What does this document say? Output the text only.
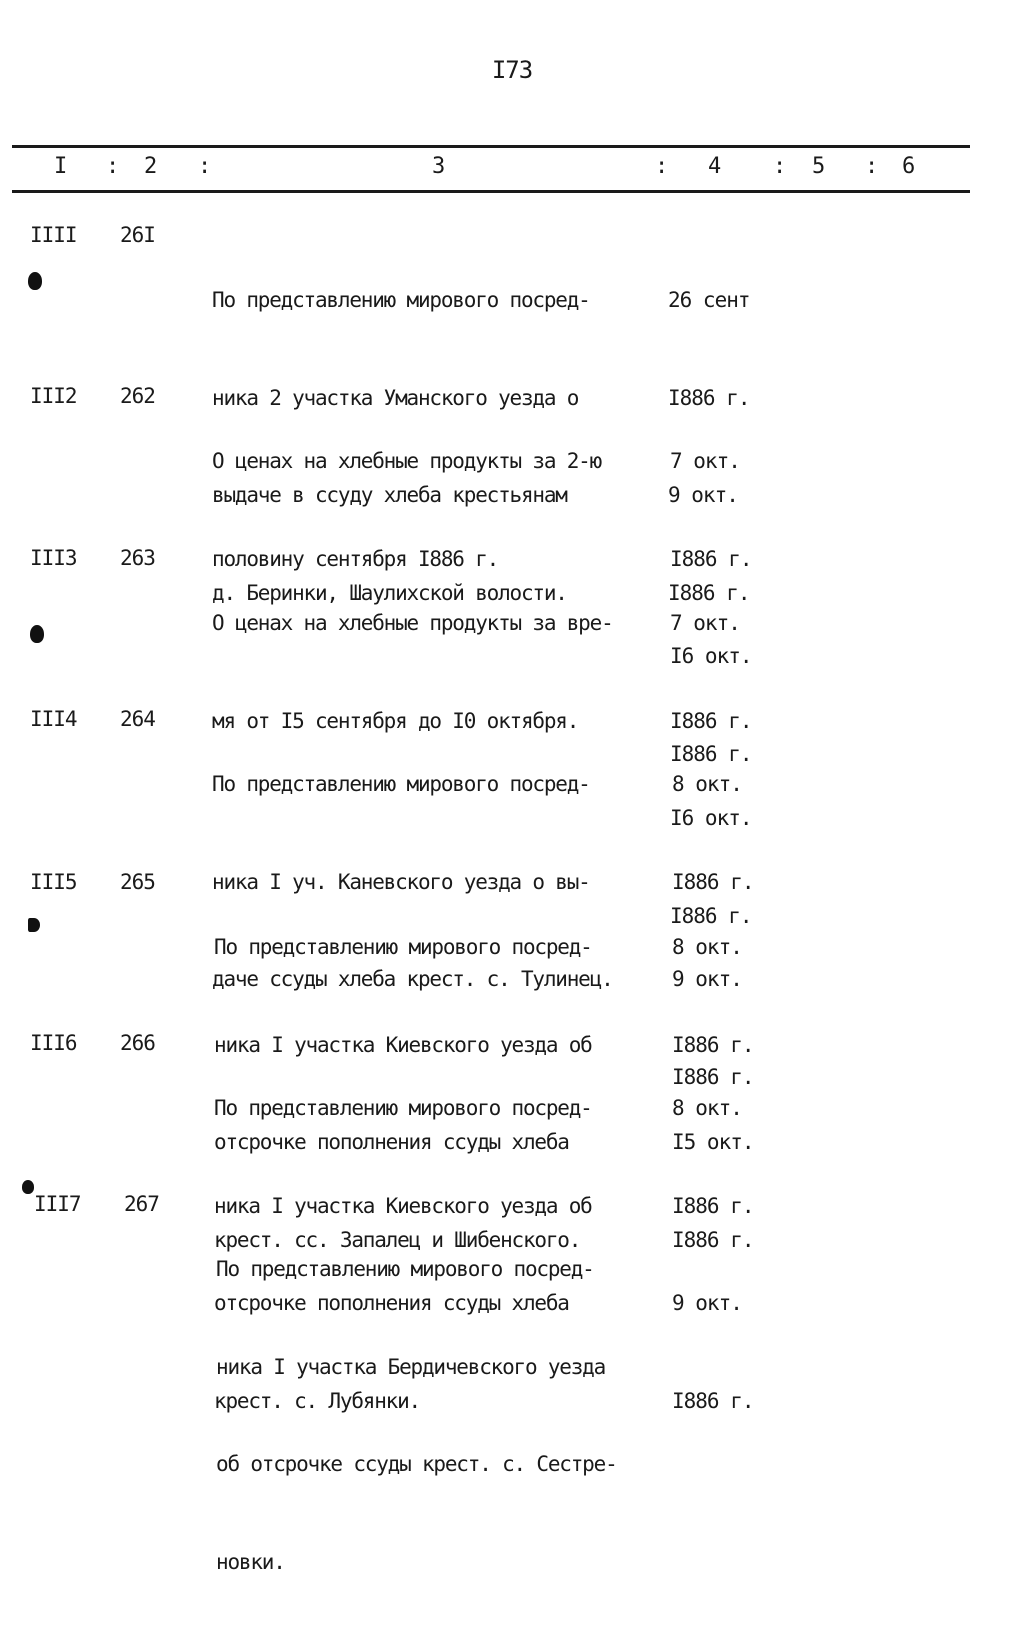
I73
I : 2 :	3	: 4 : 5 : 6
IIII 26I

По представлению мирового посред-

ника 2 участка Уманского уезда о

выдаче в ссуду хлеба крестьянам

д. Беринки, Шаулихской волости.

26 сент

I886 г.

9 окт.

I886 г.

III2 262

О ценах на хлебные продукты за 2-ю

половину сентября I886 г.

7 окт.

I886 г.

I6 окт.

I886 г.

III3 263

О ценах на хлебные продукты за вре-

мя от I5 сентября до I0 октября.

7 окт.

I886 г.

I6 окт.

I886 г.

III4 264

По представлению мирового посред-

ника I уч. Каневского уезда о вы-

даче ссуды хлеба крест. с. Тулинец.

8 окт.

I886 г.

9 окт.

I886 г.

III5 265

По представлению мирового посред-

ника I участка Киевского уезда об

отсрочке пополнения ссуды хлеба

крест. сс. Запалец и Шибенского.

8 окт.

I886 г.

I5 окт.

I886 г.

III6 266

По представлению мирового посред-

ника I участка Киевского уезда об

отсрочке пополнения ссуды хлеба

крест. с. Лубянки.

8 окт.

I886 г.

9 окт.

I886 г.

III7 267

По представлению мирового посред-

ника I участка Бердичевского уезда

об отсрочке ссуды крест. с. Сестре-

новки.
